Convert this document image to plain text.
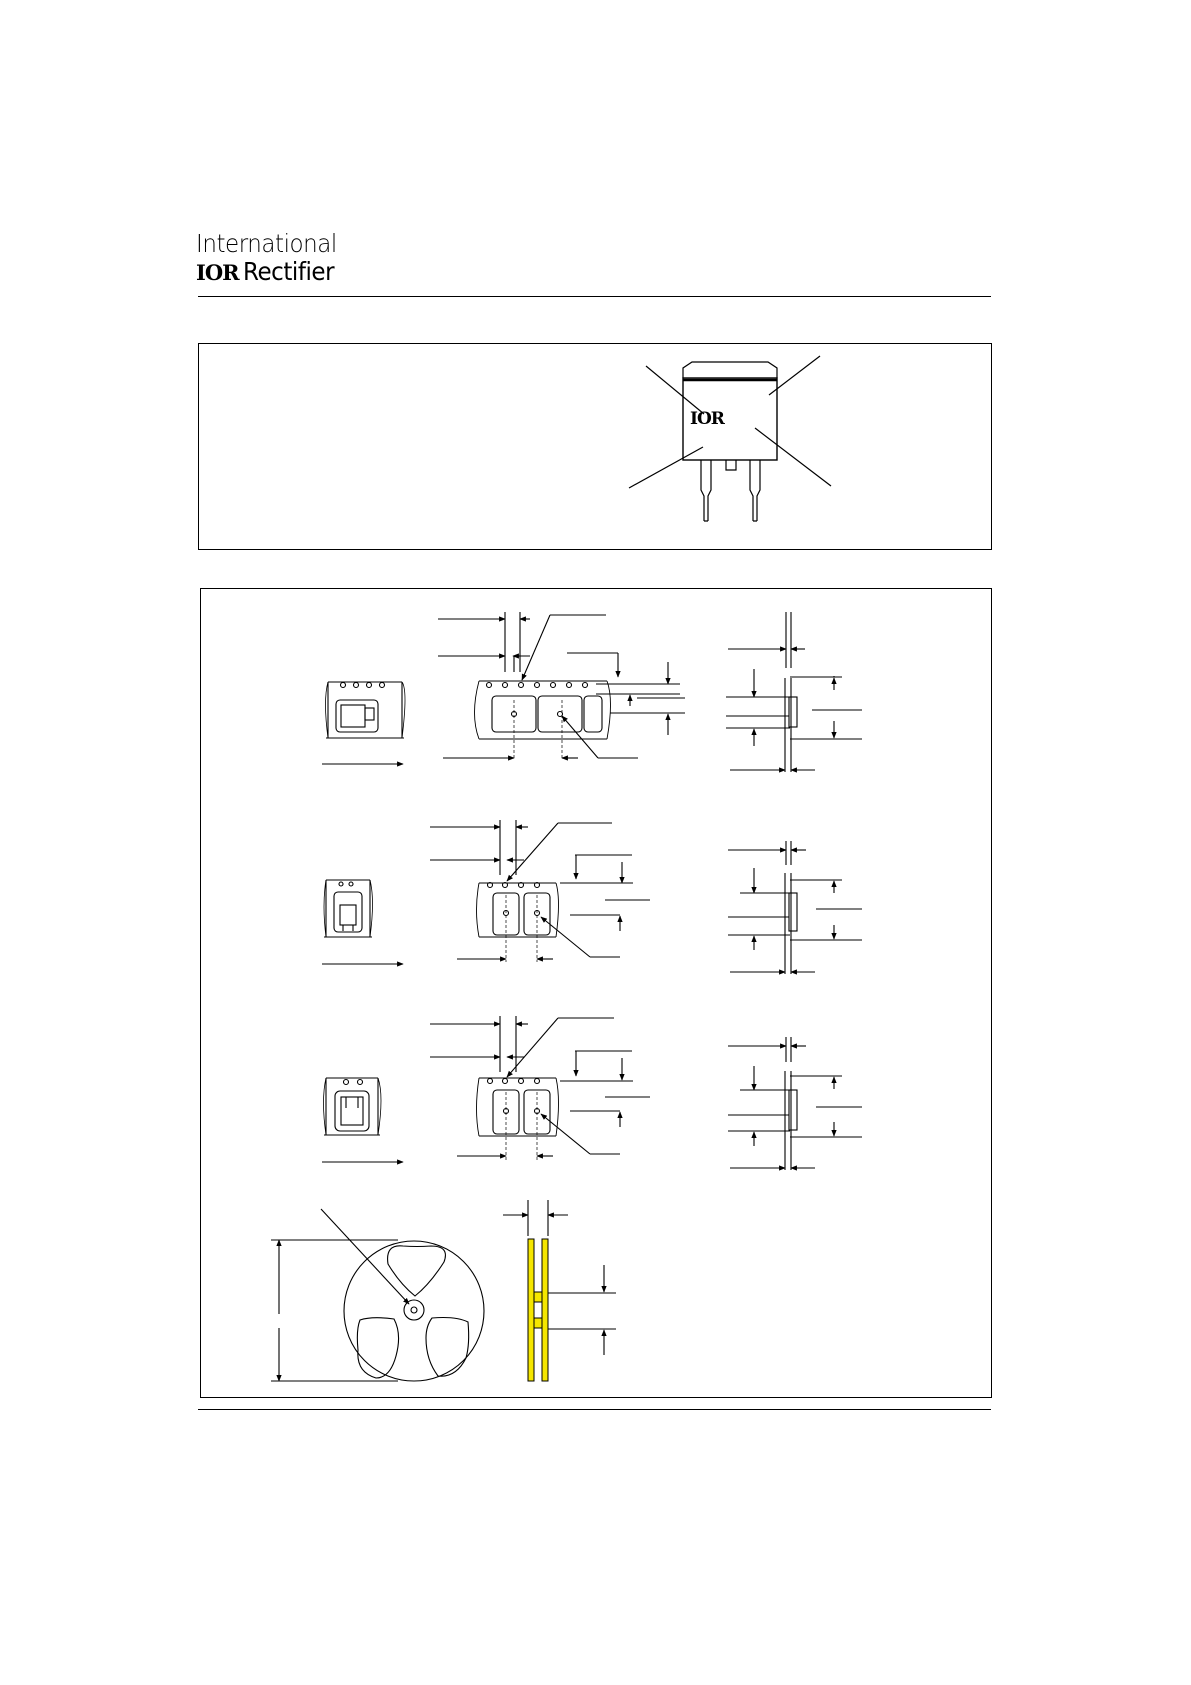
International
IOR Rectifier
IOR
